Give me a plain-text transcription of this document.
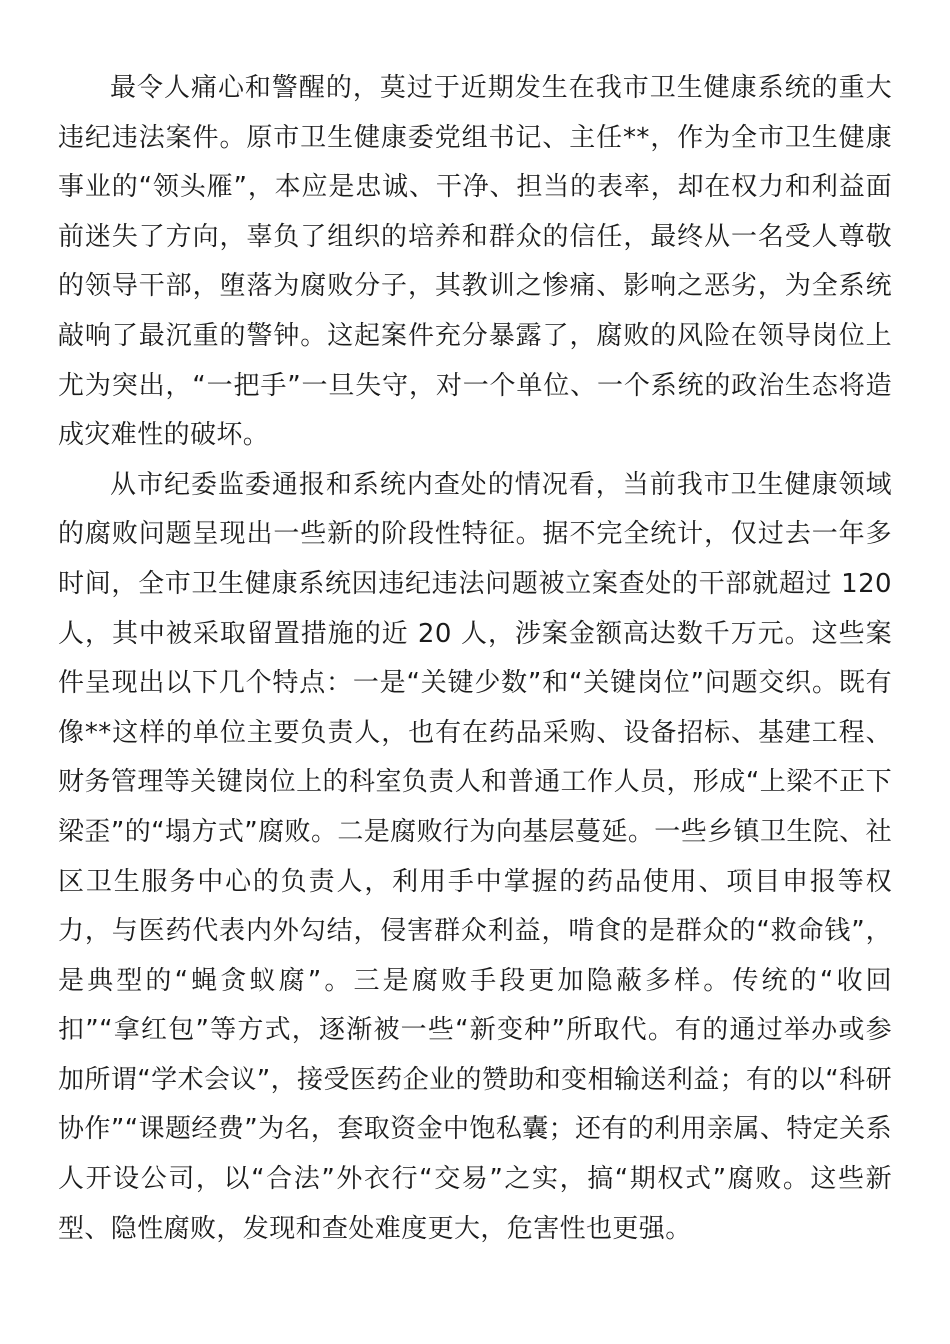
最令人痛心和警醒的，莫过于近期发生在我市卫生健康系统的重大违纪违法案件。原市卫生健康委党组书记、主任**，作为全市卫生健康事业的“领头雁”，本应是忠诚、干净、担当的表率，却在权力和利益面前迷失了方向，辜负了组织的培养和群众的信任，最终从一名受人尊敬的领导干部，堕落为腐败分子，其教训之惨痛、影响之恶劣，为全系统敲响了最沉重的警钟。这起案件充分暴露了，腐败的风险在领导岗位上尤为突出，“一把手”一旦失守，对一个单位、一个系统的政治生态将造成灾难性的破坏。

从市纪委监委通报和系统内查处的情况看，当前我市卫生健康领域的腐败问题呈现出一些新的阶段性特征。据不完全统计，仅过去一年多时间，全市卫生健康系统因违纪违法问题被立案查处的干部就超过 120 人，其中被采取留置措施的近 20 人，涉案金额高达数千万元。这些案件呈现出以下几个特点：一是“关键少数”和“关键岗位”问题交织。既有像**这样的单位主要负责人，也有在药品采购、设备招标、基建工程、财务管理等关键岗位上的科室负责人和普通工作人员，形成“上梁不正下梁歪”的“塌方式”腐败。二是腐败行为向基层蔓延。一些乡镇卫生院、社区卫生服务中心的负责人，利用手中掌握的药品使用、项目申报等权力，与医药代表内外勾结，侵害群众利益，啃食的是群众的“救命钱”，是典型的“蝇贪蚁腐”。三是腐败手段更加隐蔽多样。传统的“收回扣”“拿红包”等方式，逐渐被一些“新变种”所取代。有的通过举办或参加所谓“学术会议”，接受医药企业的赞助和变相输送利益；有的以“科研协作”“课题经费”为名，套取资金中饱私囊；还有的利用亲属、特定关系人开设公司，以“合法”外衣行“交易”之实，搞“期权式”腐败。这些新型、隐性腐败，发现和查处难度更大，危害性也更强。
